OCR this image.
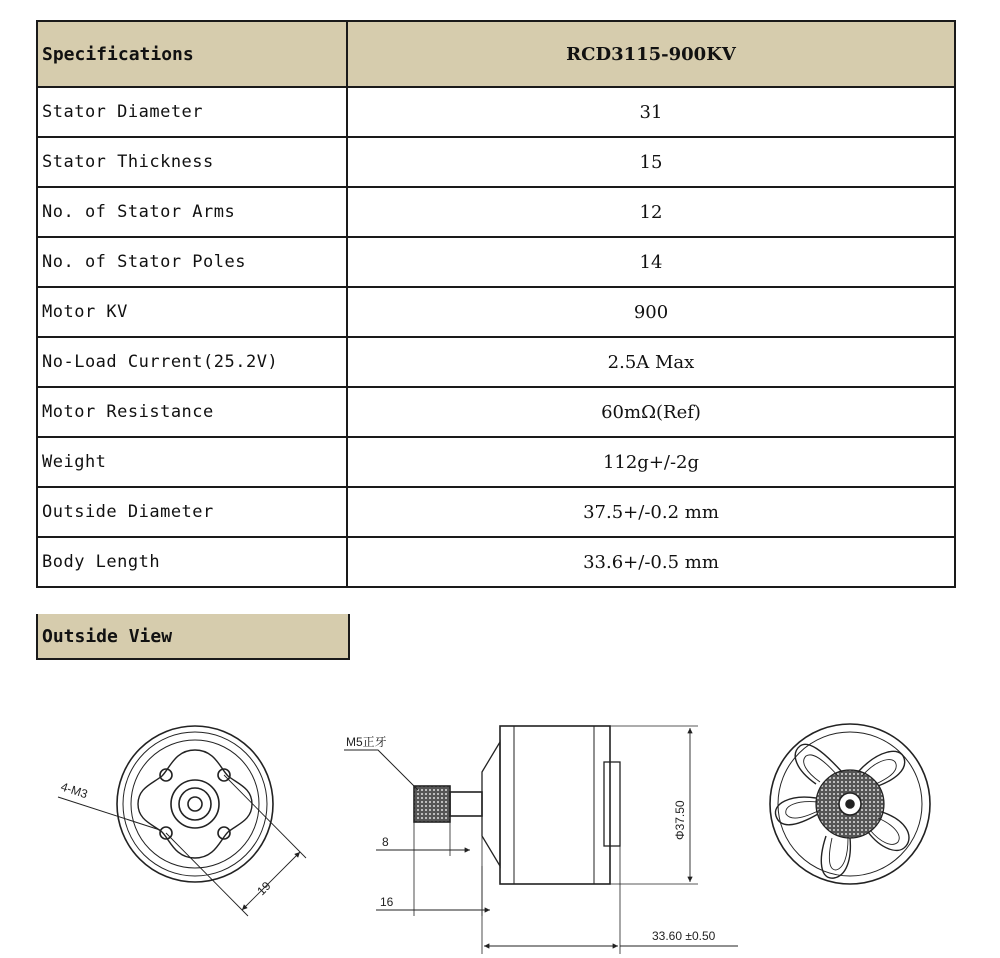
Specifications	RCD3115-900KV
Stator Diameter	31
Stator Thickness	15
No. of Stator Arms	12
No. of Stator Poles	14
Motor KV	900
No-Load Current(25.2V)	2.5A Max
Motor Resistance	60mΩ(Ref)
Weight	112g+/-2g
Outside Diameter	37.5+/-0.2 mm
Body Length	33.6+/-0.5 mm
Outside View
4-M3
19
M5正牙
8
16
Φ37.50
33.60 ±0.50
